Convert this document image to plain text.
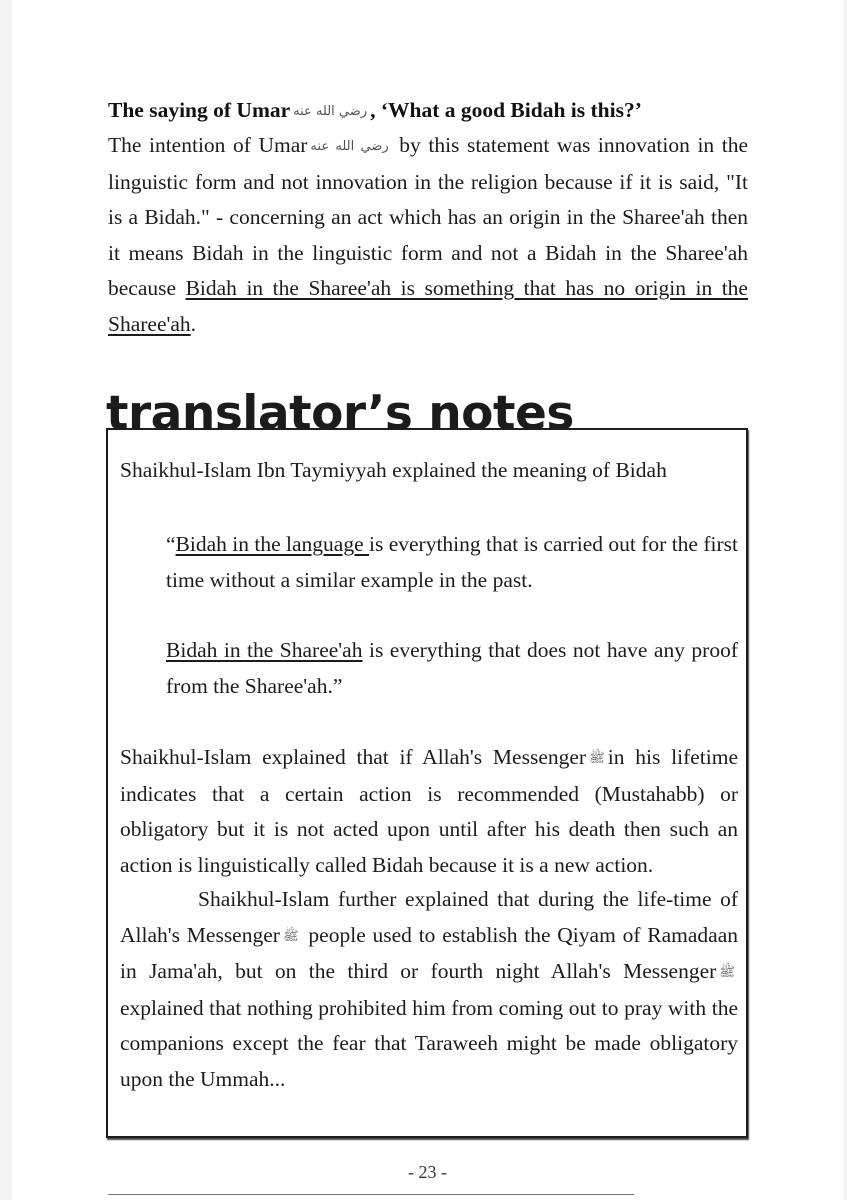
The saying of Umar رضي الله عنه , ‘What a good Bidah is this?’
The intention of Umar رضي الله عنه by this statement was innovation in the linguistic form and not innovation in the religion because if it is said, "It is a Bidah." - concerning an act which has an origin in the Sharee'ah then it means Bidah in the linguistic form and not a Bidah in the Sharee'ah because Bidah in the Sharee'ah is something that has no origin in the Sharee'ah.
translator’s notes
Shaikhul-Islam Ibn Taymiyyah explained the meaning of Bidah
“Bidah in the language is everything that is carried out for the first time without a similar example in the past.
Bidah in the Sharee'ah is everything that does not have any proof from the Sharee'ah.”
Shaikhul-Islam explained that if Allah's Messenger ﷺ in his lifetime indicates that a certain action is recommended (Mustahabb) or obligatory but it is not acted upon until after his death then such an action is linguistically called Bidah because it is a new action.
Shaikhul-Islam further explained that during the life-time of Allah's Messenger ﷺ people used to establish the Qiyam of Ramadaan in Jama'ah, but on the third or fourth night Allah's Messenger ﷺ explained that nothing prohibited him from coming out to pray with the companions except the fear that Taraweeh might be made obligatory upon the Ummah...
- 23 -
